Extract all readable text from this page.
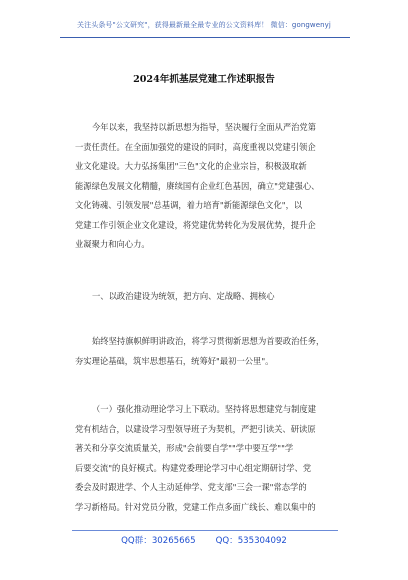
关注头条号"公文研究"，获得最新最全最专业的公文资料库！ 微信：gongwenyj
2024年抓基层党建工作述职报告
今年以来，我坚持以新思想为指导，坚决履行全面从严治党第
一责任责任。在全面加强党的建设的同时，高度重视以党建引领企
业文化建设。大力弘扬集团"三色"文化的企业宗旨，积极汲取新
能源绿色发展文化精髓，赓续国有企业红色基因，确立"党建强心、
文化铸魂、引领发展"总基调，着力培育"新能源绿色文化"，以
党建工作引领企业文化建设，将党建优势转化为发展优势，提升企
业凝聚力和向心力。
一、以政治建设为统领，把方向、定战略、拥核心
始终坚持旗帜鲜明讲政治，将学习贯彻新思想为首要政治任务，
夯实理论基础，筑牢思想基石，统筹好"最初一公里"。
（一）强化推动理论学习上下联动。坚持将思想建党与制度建
党有机结合，以建设学习型领导班子为契机，严把引读关、研读原
著关和分享交流质量关，形成"会前要自学""学中要互学""学
后要交流"的良好模式。构建党委理论学习中心组定期研讨学、党
委会及时跟进学、个人主动延伸学、党支部"三会一课"常态学的
学习新格局。针对党员分散，党建工作点多面广线长、难以集中的
QQ群：30265665 QQ：535304092
